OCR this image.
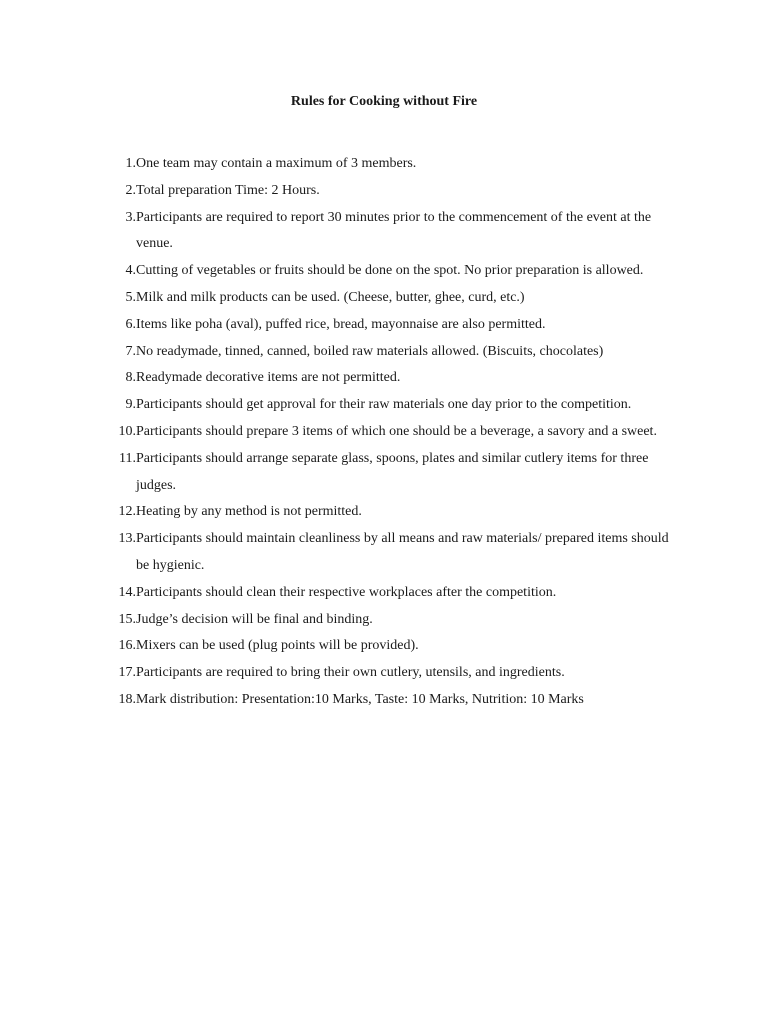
Rules for Cooking without Fire
1. One team may contain a maximum of 3 members.
2. Total preparation Time: 2 Hours.
3. Participants are required to report 30 minutes prior to the commencement of the event at the venue.
4. Cutting of vegetables or fruits should be done on the spot. No prior preparation is allowed.
5. Milk and milk products can be used. (Cheese, butter, ghee, curd, etc.)
6. Items like poha (aval), puffed rice, bread, mayonnaise are also permitted.
7. No readymade, tinned, canned, boiled raw materials allowed. (Biscuits, chocolates)
8. Readymade decorative items are not permitted.
9. Participants should get approval for their raw materials one day prior to the competition.
10. Participants should prepare 3 items of which one should be a beverage, a savory and a sweet.
11. Participants should arrange separate glass, spoons, plates and similar cutlery items for three judges.
12. Heating by any method is not permitted.
13. Participants should maintain cleanliness by all means and raw materials/ prepared items should be hygienic.
14. Participants should clean their respective workplaces after the competition.
15. Judge’s decision will be final and binding.
16. Mixers can be used (plug points will be provided).
17. Participants are required to bring their own cutlery, utensils, and ingredients.
18. Mark distribution: Presentation:10 Marks, Taste: 10 Marks, Nutrition: 10 Marks
